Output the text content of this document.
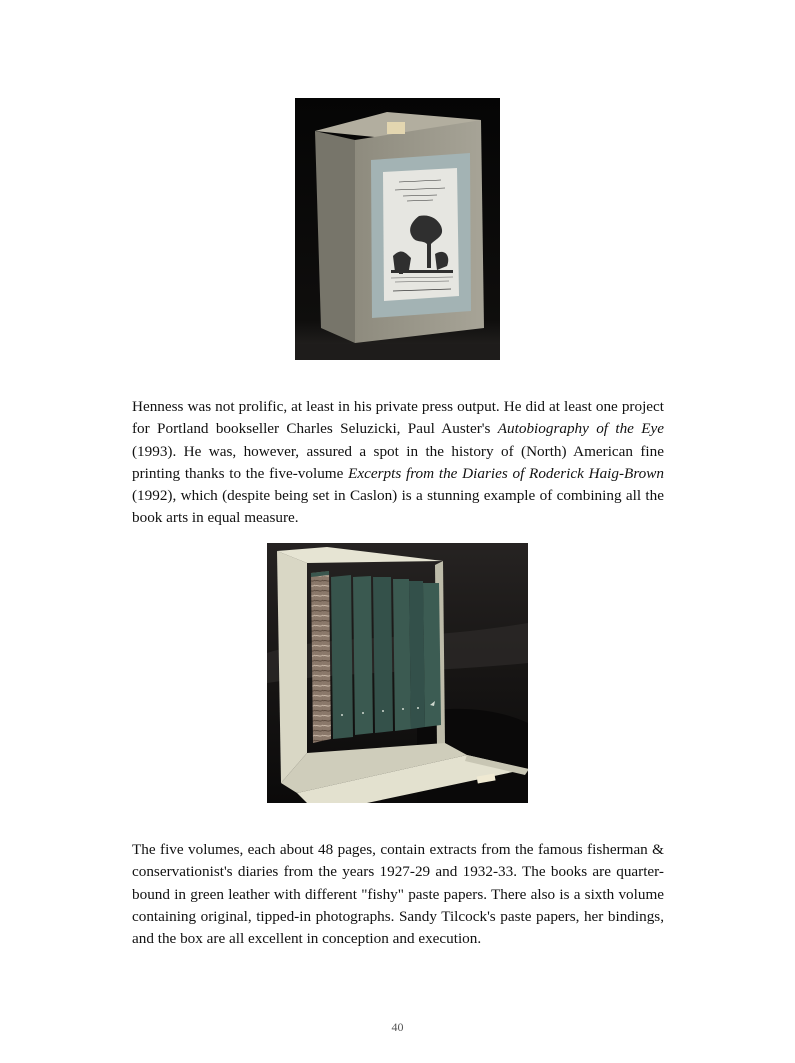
Henness was not prolific, at least in his private press output. He did at least one project for Portland bookseller Charles Seluzicki, Paul Auster's Autobiography of the Eye (1993). He was, however, assured a spot in the history of (North) American fine printing thanks to the five-volume Excerpts from the Diaries of Roderick Haig-Brown (1992), which (despite being set in Caslon) is a stunning example of combining all the book arts in equal measure.

The five volumes, each about 48 pages, contain extracts from the famous fisherman & conservationist's diaries from the years 1927-29 and 1932-33. The books are quarter-bound in green leather with different "fishy" paste papers. There also is a sixth volume containing original, tipped-in photographs. Sandy Tilcock's paste papers, her bindings, and the box are all excellent in conception and execution.

40
